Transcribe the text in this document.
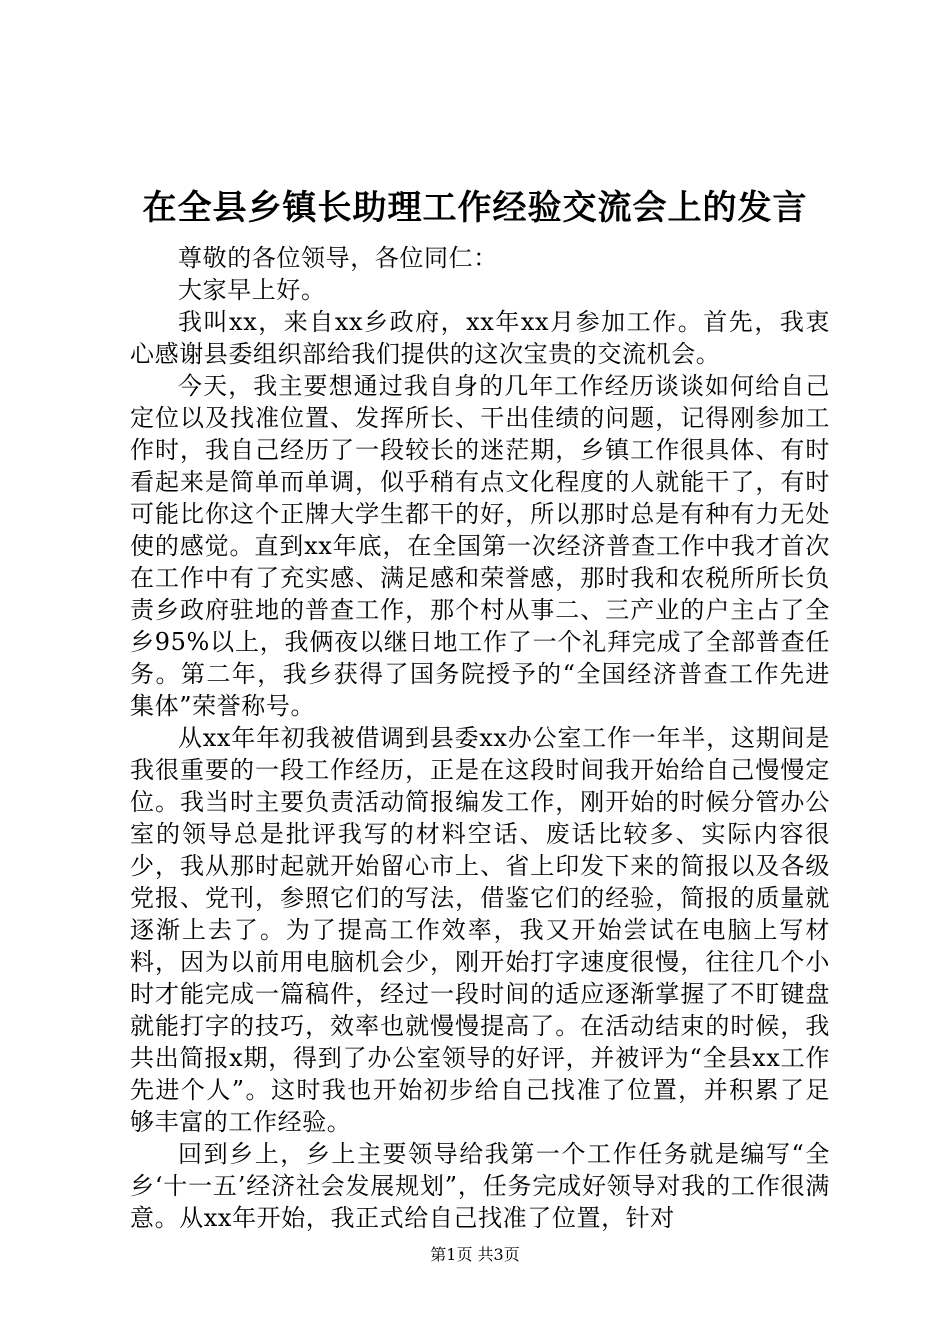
在全县乡镇长助理工作经验交流会上的发言

尊敬的各位领导，各位同仁：

大家早上好。

我叫xx，来自xx乡政府，xx年xx月参加工作。首先，我衷心感谢县委组织部给我们提供的这次宝贵的交流机会。

今天，我主要想通过我自身的几年工作经历谈谈如何给自己定位以及找准位置、发挥所长、干出佳绩的问题，记得刚参加工作时，我自己经历了一段较长的迷茫期，乡镇工作很具体、有时看起来是简单而单调，似乎稍有点文化程度的人就能干了，有时可能比你这个正牌大学生都干的好，所以那时总是有种有力无处使的感觉。直到xx年底，在全国第一次经济普查工作中我才首次在工作中有了充实感、满足感和荣誉感，那时我和农税所所长负责乡政府驻地的普查工作，那个村从事二、三产业的户主占了全乡95%以上，我俩夜以继日地工作了一个礼拜完成了全部普查任务。第二年，我乡获得了国务院授予的“全国经济普查工作先进集体”荣誉称号。

从xx年年初我被借调到县委xx办公室工作一年半，这期间是我很重要的一段工作经历，正是在这段时间我开始给自己慢慢定位。我当时主要负责活动简报编发工作，刚开始的时候分管办公室的领导总是批评我写的材料空话、废话比较多、实际内容很少，我从那时起就开始留心市上、省上印发下来的简报以及各级党报、党刊，参照它们的写法，借鉴它们的经验，简报的质量就逐渐上去了。为了提高工作效率，我又开始尝试在电脑上写材料，因为以前用电脑机会少，刚开始打字速度很慢，往往几个小时才能完成一篇稿件，经过一段时间的适应逐渐掌握了不盯键盘就能打字的技巧，效率也就慢慢提高了。在活动结束的时候，我共出简报x期，得到了办公室领导的好评，并被评为“全县xx工作先进个人”。这时我也开始初步给自己找准了位置，并积累了足够丰富的工作经验。

回到乡上，乡上主要领导给我第一个工作任务就是编写“全乡‘十一五’经济社会发展规划”，任务完成好领导对我的工作很满意。从xx年开始，我正式给自己找准了位置，针对

第1页 共3页
